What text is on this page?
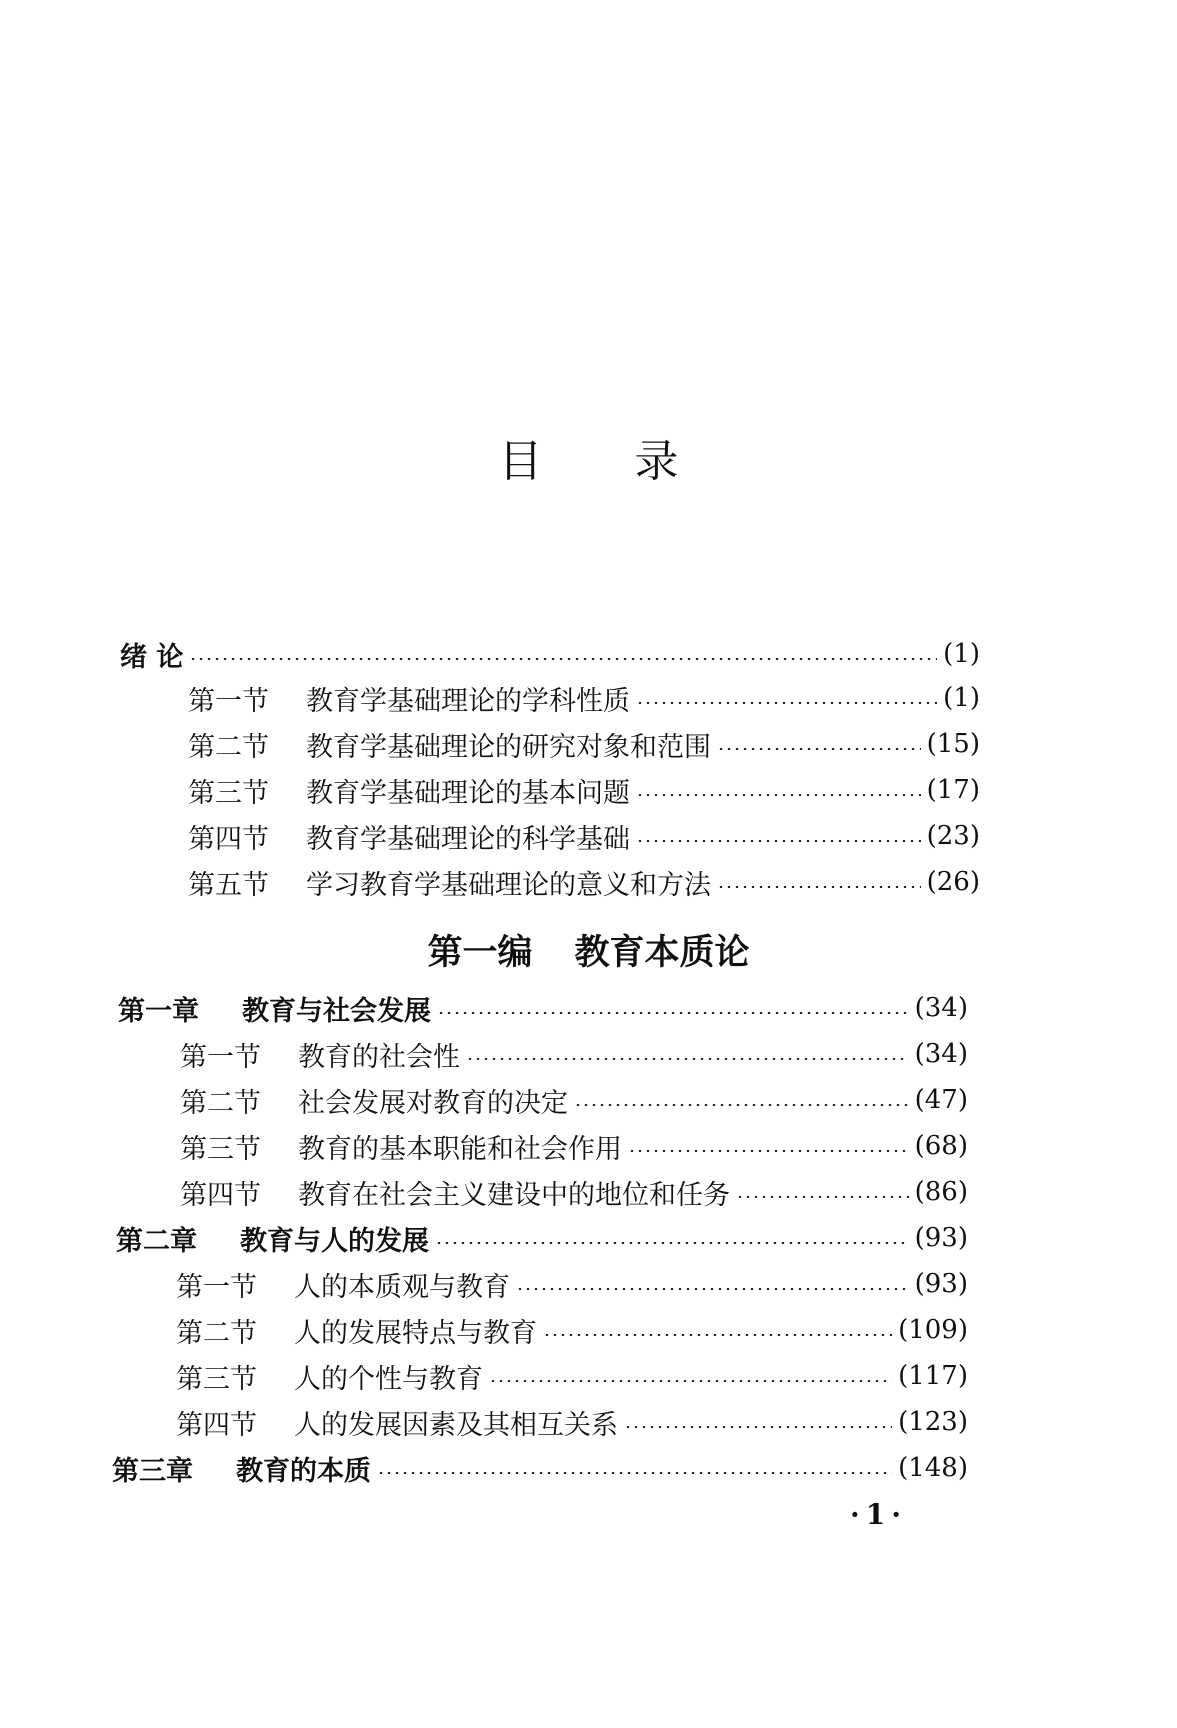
目 录
绪 论	(1)
第一节	教育学基础理论的学科性质	(1)
第二节	教育学基础理论的研究对象和范围	(15)
第三节	教育学基础理论的基本问题	(17)
第四节	教育学基础理论的科学基础	(23)
第五节	学习教育学基础理论的意义和方法	(26)
第一编 教育本质论
第一章	教育与社会发展	(34)
第一节	教育的社会性	(34)
第二节	社会发展对教育的决定	(47)
第三节	教育的基本职能和社会作用	(68)
第四节	教育在社会主义建设中的地位和任务	(86)
第二章	教育与人的发展	(93)
第一节	人的本质观与教育	(93)
第二节	人的发展特点与教育	(109)
第三节	人的个性与教育	(117)
第四节	人的发展因素及其相互关系	(123)
第三章	教育的本质	(148)
·1·
